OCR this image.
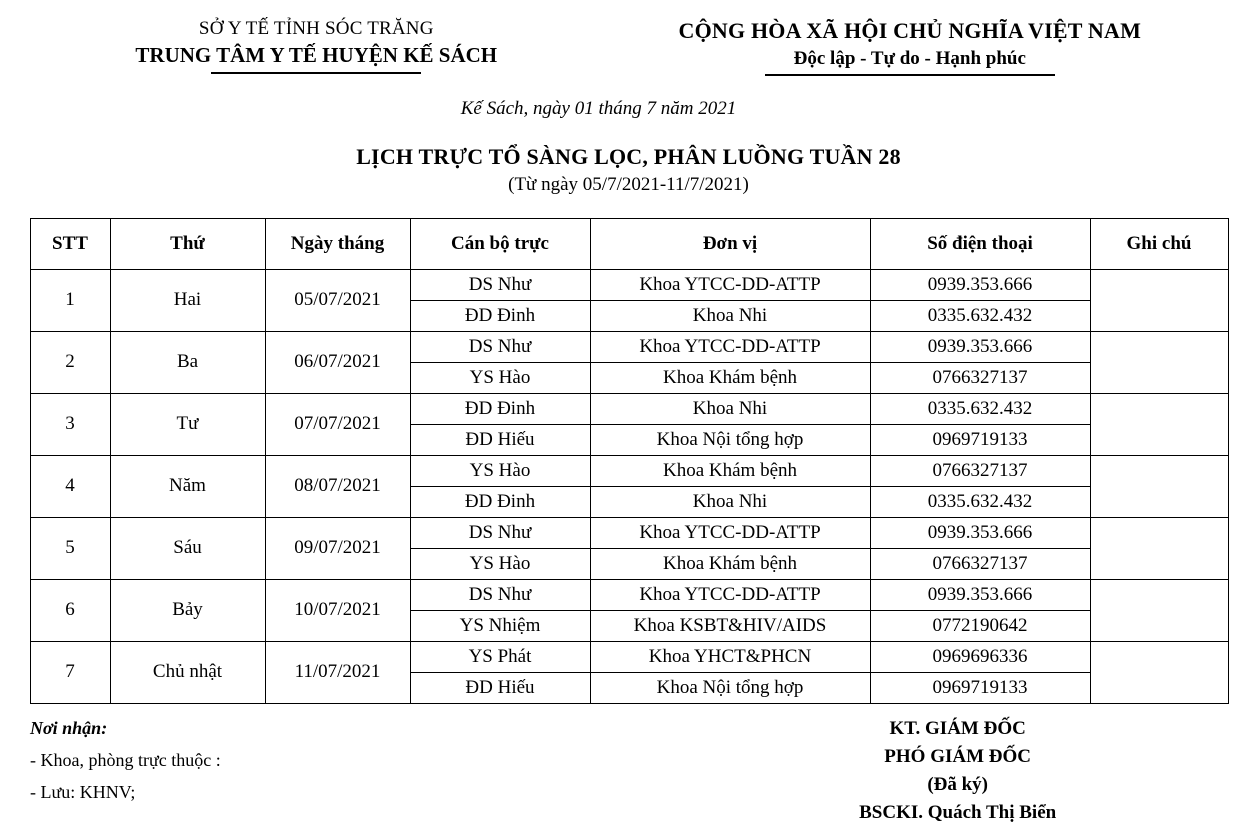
SỞ Y TẾ TỈNH SÓC TRĂNG
TRUNG TÂM Y TẾ HUYỆN KẾ SÁCH
CỘNG HÒA XÃ HỘI CHỦ NGHĨA VIỆT NAM
Độc lập - Tự do - Hạnh phúc
Kế Sách, ngày 01 tháng 7 năm 2021
LỊCH TRỰC TỔ SÀNG LỌC, PHÂN LUỒNG TUẦN 28
(Từ ngày 05/7/2021-11/7/2021)
STT	Thứ	Ngày tháng	Cán bộ trực	Đơn vị	Số điện thoại	Ghi chú
1	Hai	05/07/2021	DS Như	Khoa YTCC-DD-ATTP	0939.353.666	
			ĐD Đinh	Khoa Nhi	0335.632.432	
2	Ba	06/07/2021	DS Như	Khoa YTCC-DD-ATTP	0939.353.666	
			YS Hào	Khoa Khám bệnh	0766327137	
3	Tư	07/07/2021	ĐD Đinh	Khoa Nhi	0335.632.432	
			ĐD Hiếu	Khoa Nội tổng hợp	0969719133	
4	Năm	08/07/2021	YS Hào	Khoa Khám bệnh	0766327137	
			ĐD Đinh	Khoa Nhi	0335.632.432	
5	Sáu	09/07/2021	DS Như	Khoa YTCC-DD-ATTP	0939.353.666	
			YS Hào	Khoa Khám bệnh	0766327137	
6	Bảy	10/07/2021	DS Như	Khoa YTCC-DD-ATTP	0939.353.666	
			YS Nhiệm	Khoa KSBT&HIV/AIDS	0772190642	
7	Chủ nhật	11/07/2021	YS Phát	Khoa YHCT&PHCN	0969696336	
			ĐD Hiếu	Khoa Nội tổng hợp	0969719133	
Nơi nhận:
- Khoa, phòng trực thuộc :
- Lưu: KHNV;
KT. GIÁM ĐỐC
PHÓ GIÁM ĐỐC
(Đã ký)
BSCKI. Quách Thị Biển
